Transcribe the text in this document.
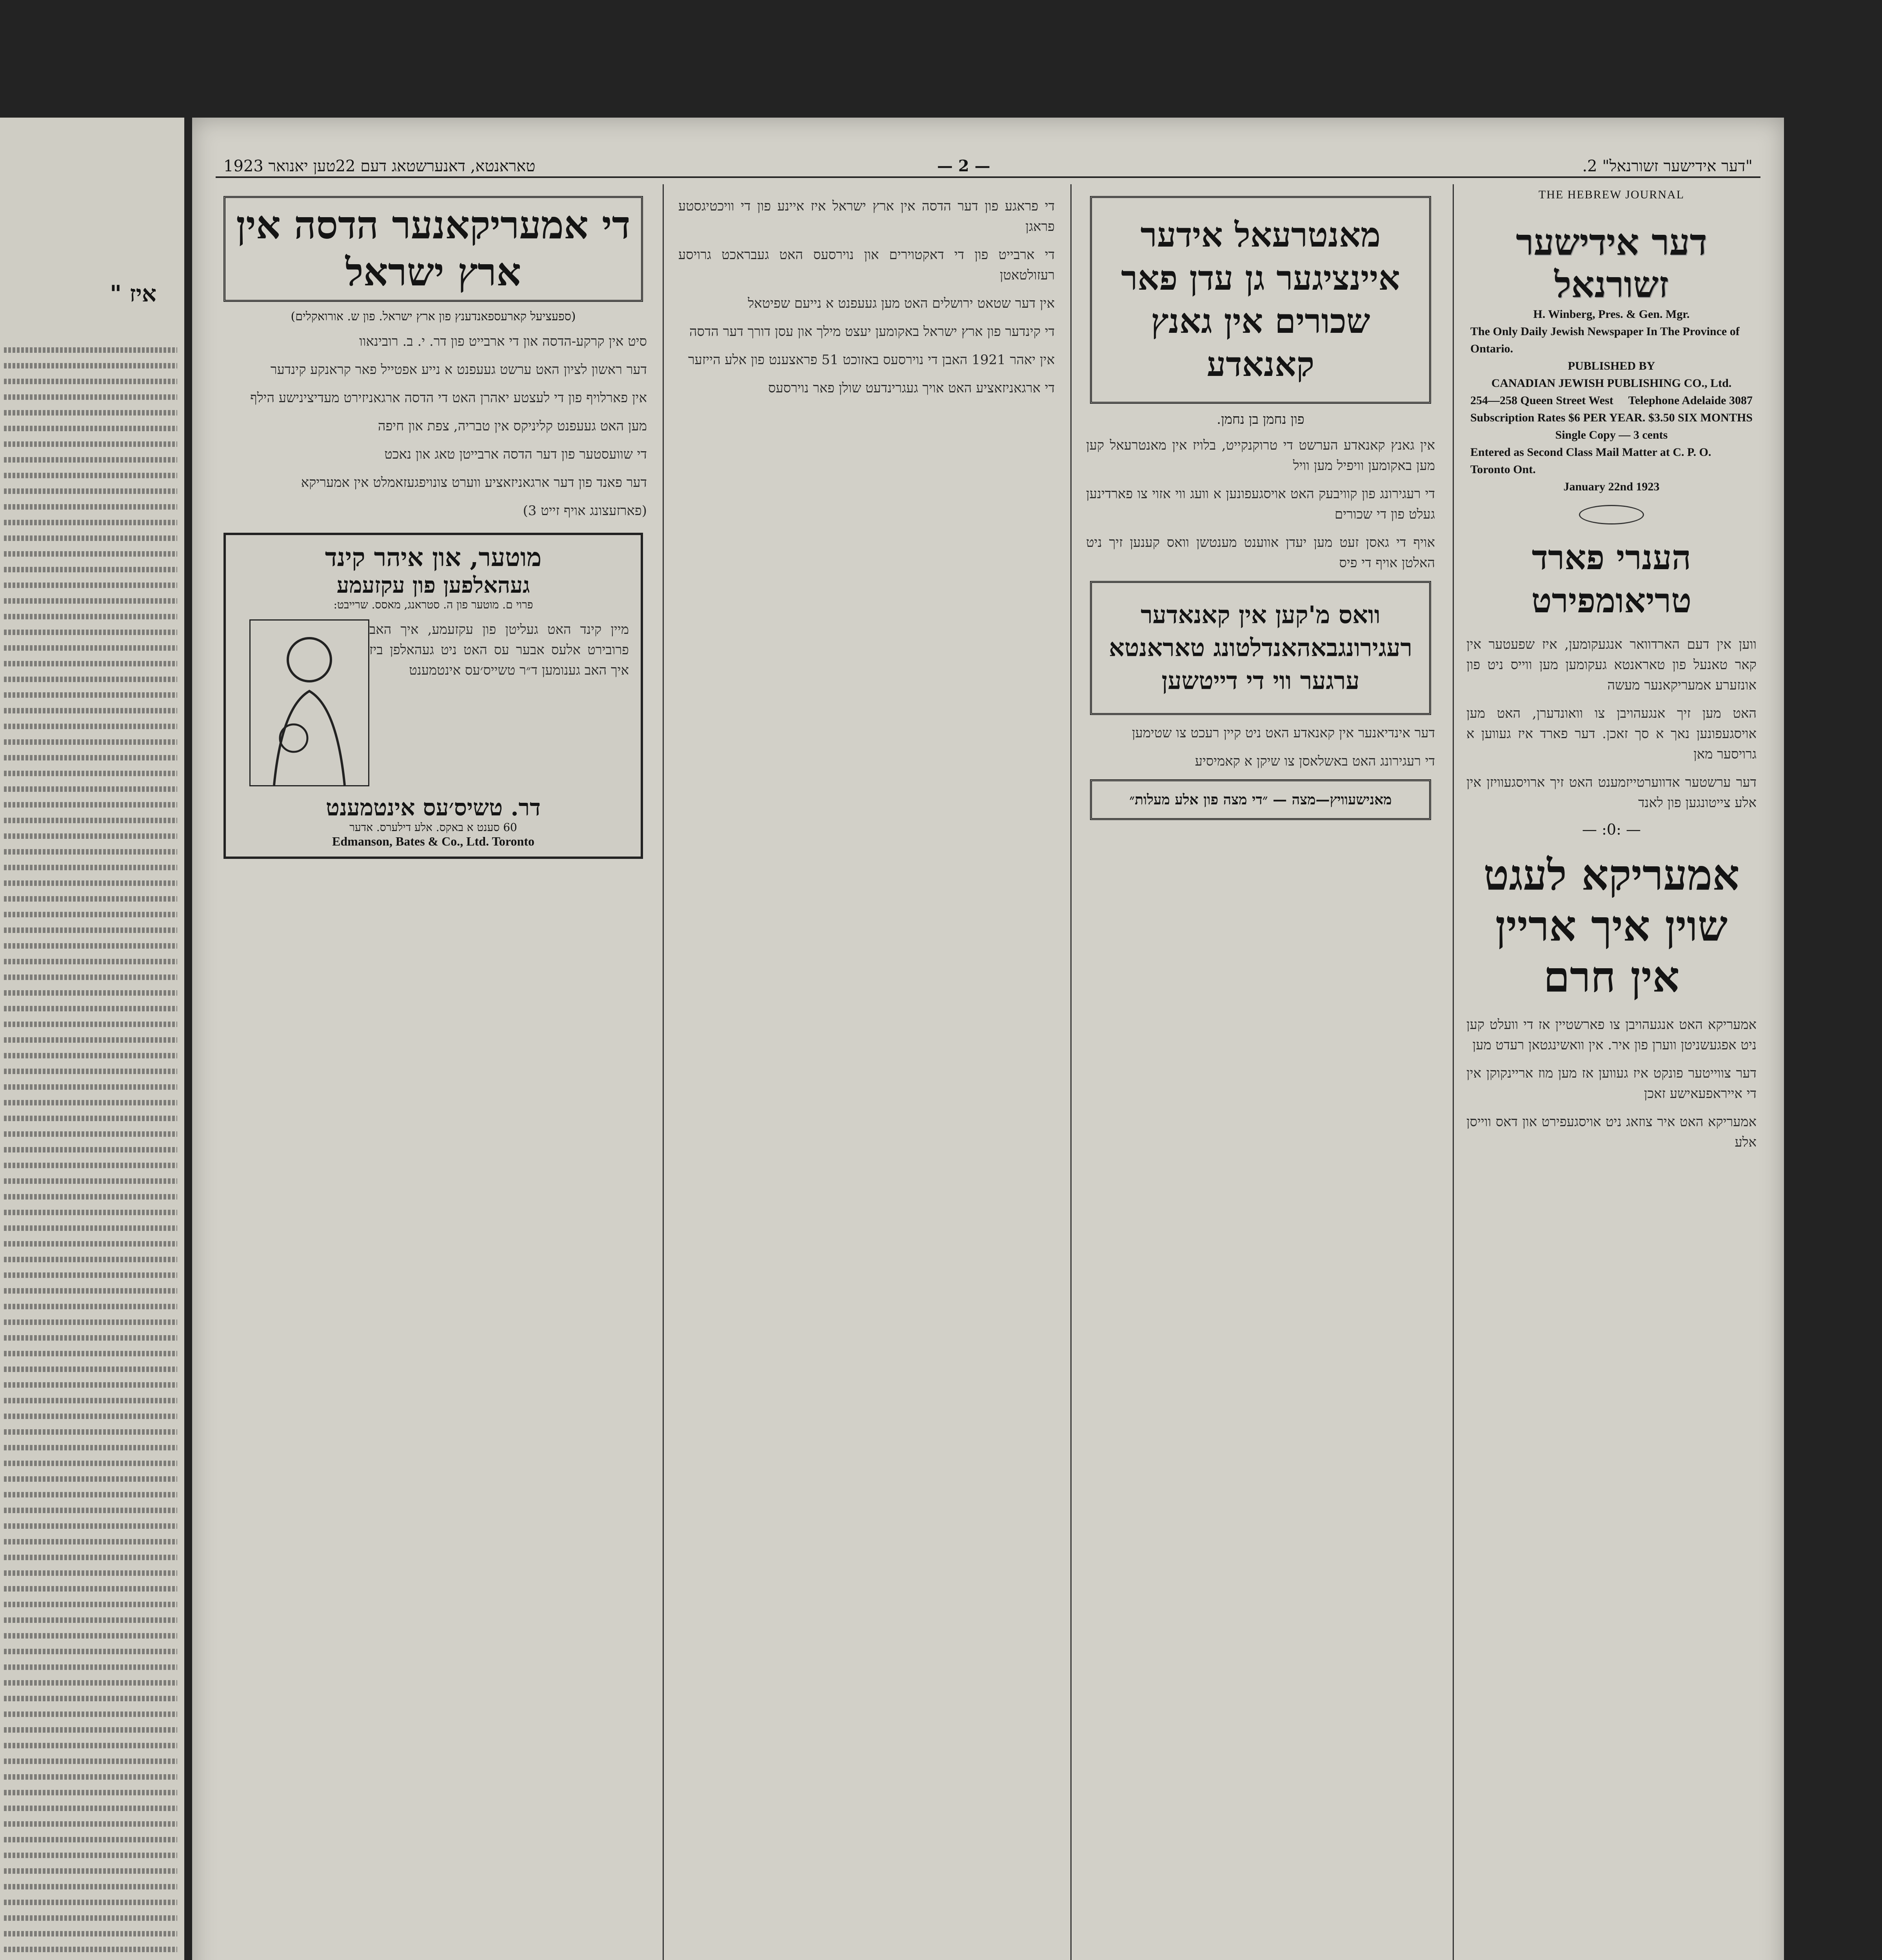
איז "
"דער אידישער זשורנאל" 2.
— 2 —
טאראנטא, דאנערשטאג דעם 22טען יאנואר 1923
THE HEBREW JOURNAL
דער אידישער זשורנאל
H. Winberg, Pres. & Gen. Mgr.
The Only Daily Jewish Newspaper In The Province of Ontario.
PUBLISHED BY
CANADIAN JEWISH PUBLISHING CO., Ltd.
254—258 Queen Street West Telephone Adelaide 3087
Subscription Rates $6 PER YEAR. $3.50 SIX MONTHS
Single Copy — 3 cents
Entered as Second Class Mail Matter at C. P. O. Toronto Ont.
January 22nd 1923
הענרי פארד טריאומפירט
ווען אין דעם הארדוואר אנגעקומען, איז שפעטער אין קאר טאנעל פון טאראנטא געקומען מען ווייס ניט פון אונזערע אמעריקאנער מעשה
האט מען זיך אנגעהויבן צו וואונדערן, האט מען אויסגעפונען נאך א סך זאכן. דער פארד איז געווען א גרויסער מאן
דער ערשטער אדווערטייזמענט האט זיך ארויסגעוויזן אין אלע צייטונגען פון לאנד
— :0: —
אמעריקא לעגט שוין איך אריין אין חרם
אמעריקא האט אנגעהויבן צו פארשטיין אז די וועלט קען ניט אפגעשניטן ווערן פון איר. אין וואשינגטאן רעדט מען
דער צווייטער פונקט איז געווען אז מען מוז אריינקוקן אין די אייראפעאישע זאכן
אמעריקא האט איר צוזאג ניט אויסגעפירט און דאס ווייסן אלע
מאנטרעאל אידער איינציגער גן עדן פאר שכורים אין גאנץ קאנאדע
פון נחמן בן נחמן.
אין גאנץ קאנאדע הערשט די טרוקנקייט, בלויז אין מאנטרעאל קען מען באקומען וויפיל מען וויל
די רעגירונג פון קוויבעק האט אויסגעפונען א וועג ווי אזוי צו פארדינען געלט פון די שכורים
אויף די גאסן זעט מען יעדן אווענט מענטשן וואס קענען זיך ניט האלטן אויף די פיס
וואס מ'קען אין קאנאדער רעגירונגבאהאנדלטונג טאראנטא ערגער ווי די דייטשען
דער אינדיאנער אין קאנאדע האט ניט קיין רעכט צו שטימען
די רעגירונג האט באשלאסן צו שיקן א קאמיסיע
מאנישעוויץ—מצה — ״די מצה פון אלע מעלות״
די פראגע פון דער הדסה אין ארץ ישראל איז איינע פון די וויכטיגסטע פראגן
די ארבייט פון די דאקטוירים און נוירסעס האט געבראכט גרויסע רעזולטאטן
אין דער שטאט ירושלים האט מען געעפנט א נייעם שפיטאל
די קינדער פון ארץ ישראל באקומען יעצט מילך און עסן דורך דער הדסה
אין יאהר 1921 האבן די נוירסעס באזוכט 51 פראצענט פון אלע הייזער
די ארגאניזאציע האט אויך געגרינדעט שולן פאר נוירסעס
די אמעריקאנער הדסה אין ארץ ישראל
(ספעציעל קארעספאנדענץ פון ארץ ישראל. פון ש. אורואקלים)
סיט אין קרקע-הדסה און די ארבייט פון דר. י. ב. רובינאוו
דער ראשון לציון האט ערשט געעפנט א נייע אפטייל פאר קראנקע קינדער
אין פארלויף פון די לעצטע יאהרן האט די הדסה ארגאניזירט מעדיצינישע הילף
מען האט געעפנט קליניקס אין טבריה, צפת און חיפה
די שוועסטער פון דער הדסה ארבייטן טאג און נאכט
דער פאנד פון דער ארגאניזאציע ווערט צונויפגעזאמלט אין אמעריקא
(פארזעצונג אויף זייט 3)
מוטער, און איהר קינד
געהאלפען פון עקזעמע
פרוי ם. מוטער פון ה. סטראנג, מאסס. שרייבט:
מיין קינד האט געליטן פון עקזעמע, איך האב פרובירט אלעס אבער עס האט ניט געהאלפן ביז איך האב גענומען ד״ר טשייס׳עס אינטמענט
דר. טשיס׳עס אינטמענט
60 סענט א באקס. אלע דילערס. אדער
Edmanson, Bates & Co., Ltd. Toronto
